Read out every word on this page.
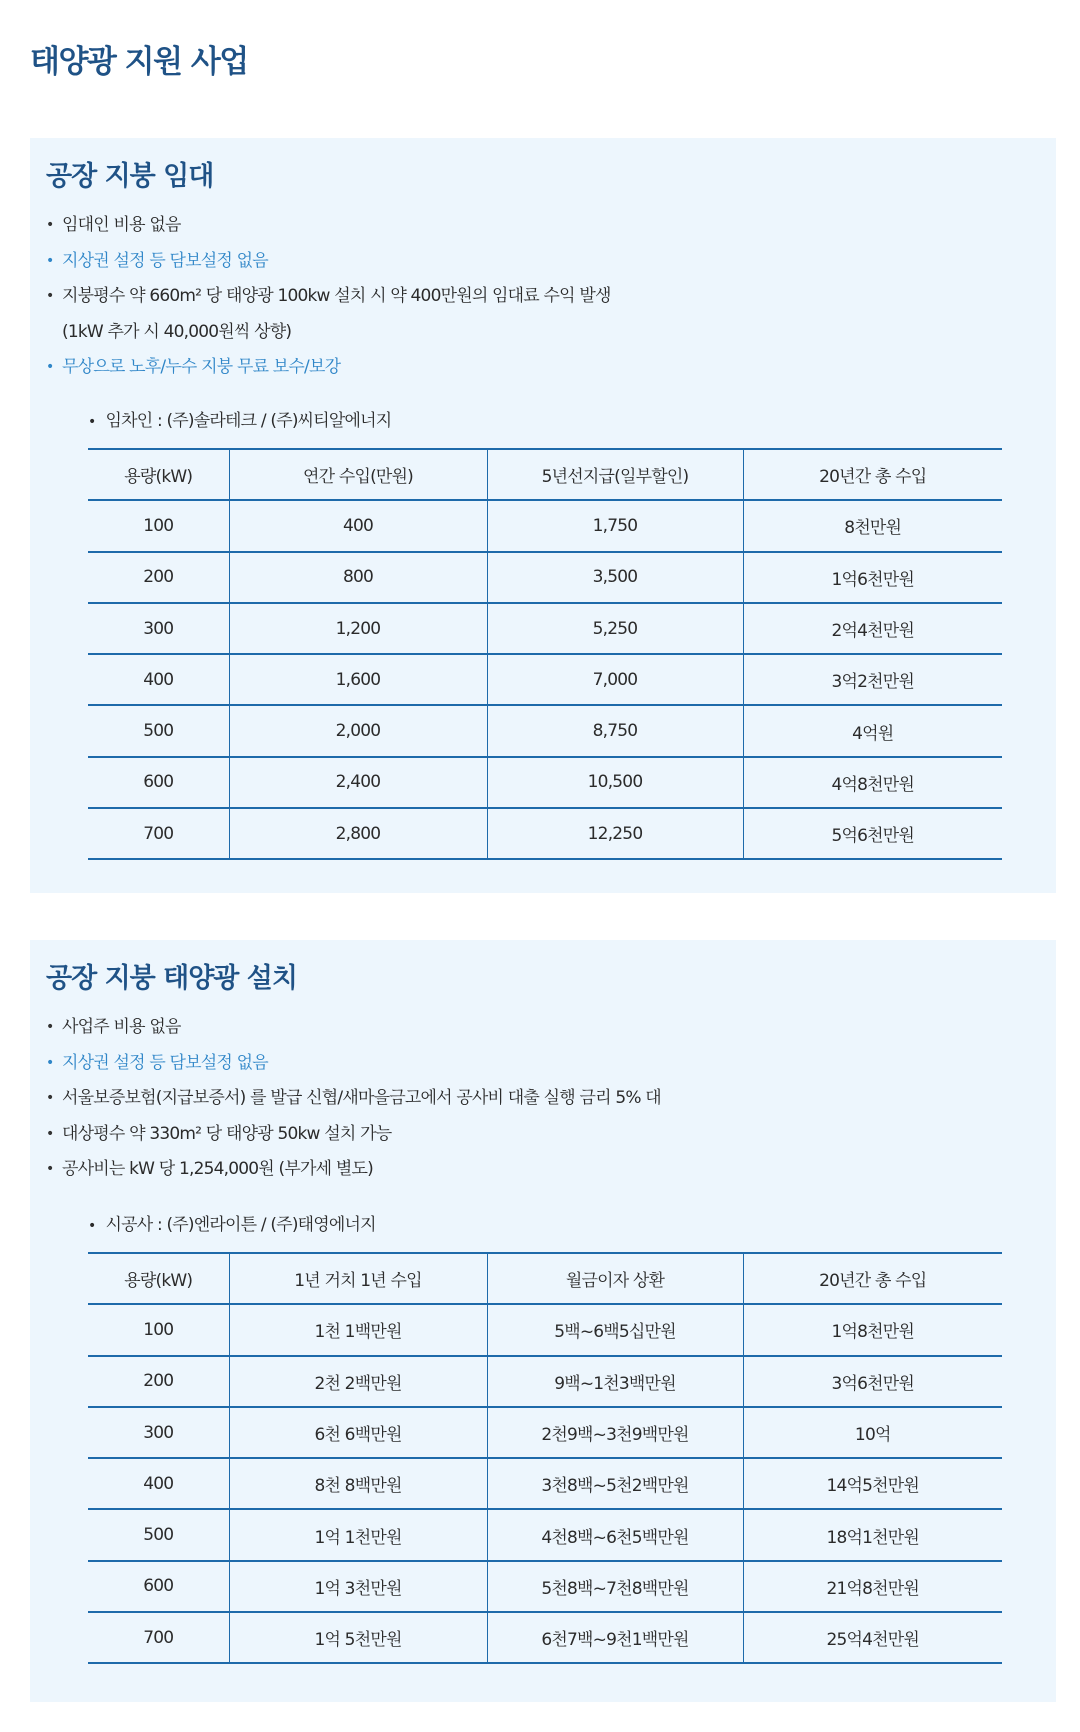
태양광 지원 사업
공장 지붕 임대
• 임대인 비용 없음
• 지상권 설정 등 담보설정 없음
• 지붕평수 약 660m² 당 태양광 100kw 설치 시 약 400만원의 임대료 수익 발생
(1kW 추가 시 40,000원씩 상향)
• 무상으로 노후/누수 지붕 무료 보수/보강
• 임차인 : (주)솔라테크 / (주)씨티알에너지
용량(kW)	연간 수입(만원)	5년선지급(일부할인)	20년간 총 수입
100	400	1,750	8천만원
200	800	3,500	1억6천만원
300	1,200	5,250	2억4천만원
400	1,600	7,000	3억2천만원
500	2,000	8,750	4억원
600	2,400	10,500	4억8천만원
700	2,800	12,250	5억6천만원
공장 지붕 태양광 설치
• 사업주 비용 없음
• 지상권 설정 등 담보설정 없음
• 서울보증보험(지급보증서) 를 발급 신협/새마을금고에서 공사비 대출 실행 금리 5% 대
• 대상평수 약 330m² 당 태양광 50kw 설치 가능
• 공사비는 kW 당 1,254,000원 (부가세 별도)
• 시공사 : (주)엔라이튼 / (주)태영에너지
용량(kW)	1년 거치 1년 수입	월금이자 상환	20년간 총 수입
100	1천 1백만원	5백~6백5십만원	1억8천만원
200	2천 2백만원	9백~1천3백만원	3억6천만원
300	6천 6백만원	2천9백~3천9백만원	10억
400	8천 8백만원	3천8백~5천2백만원	14억5천만원
500	1억 1천만원	4천8백~6천5백만원	18억1천만원
600	1억 3천만원	5천8백~7천8백만원	21억8천만원
700	1억 5천만원	6천7백~9천1백만원	25억4천만원
